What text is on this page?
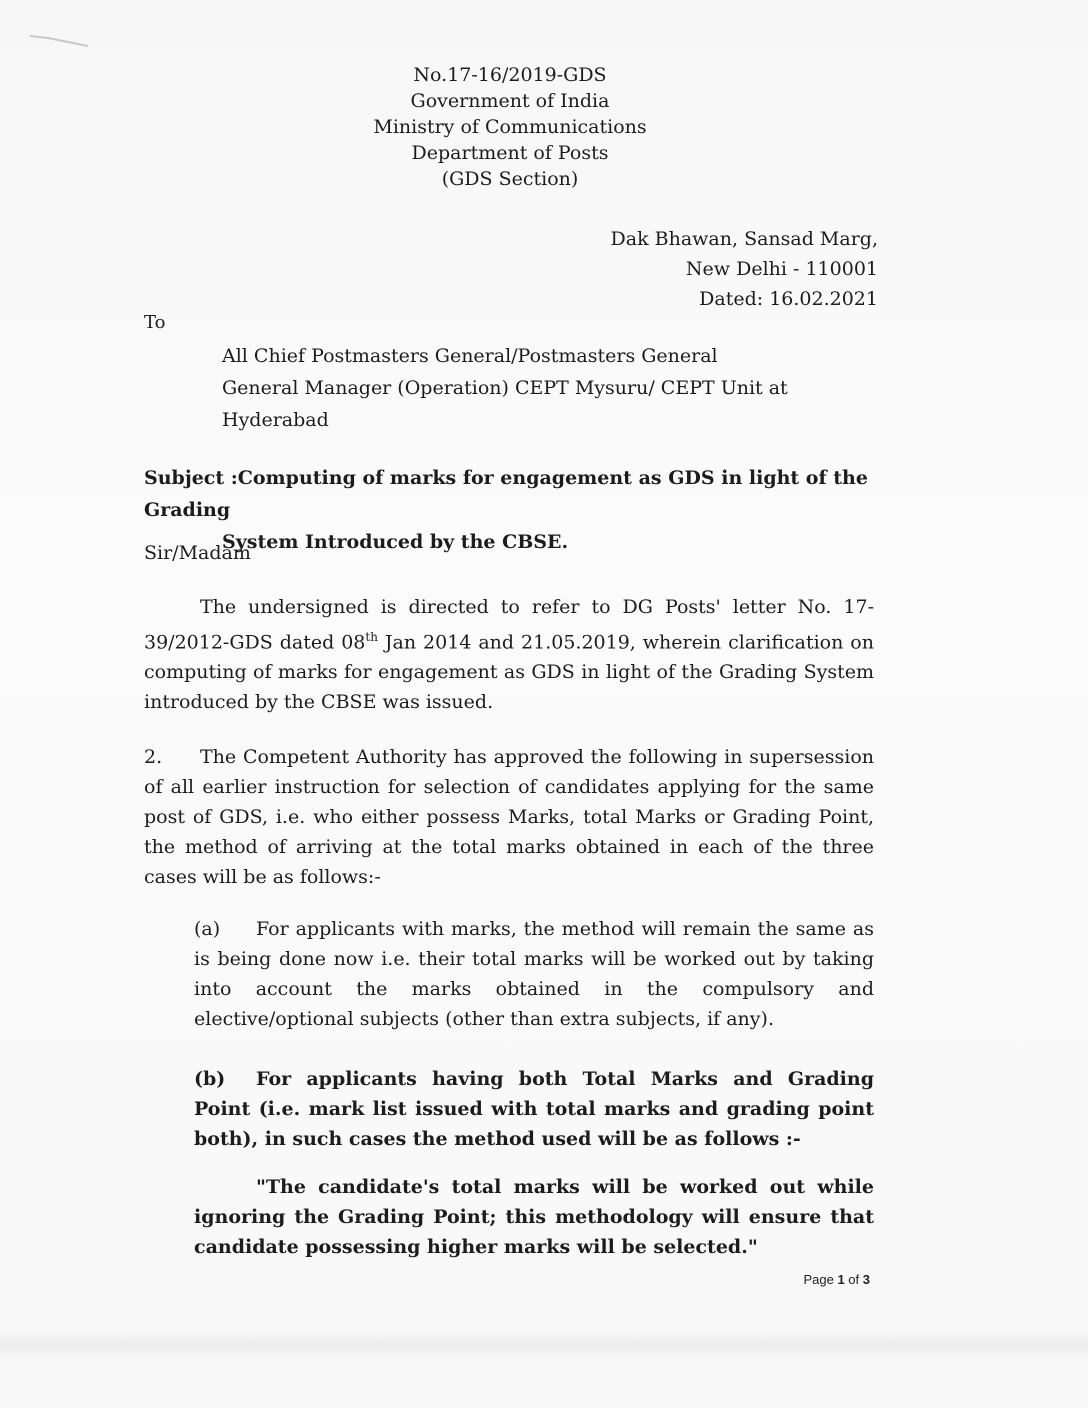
No.17-16/2019-GDS
Government of India
Ministry of Communications
Department of Posts
(GDS Section)
Dak Bhawan, Sansad Marg,
New Delhi - 110001
Dated: 16.02.2021
To
All Chief Postmasters General/Postmasters General
General Manager (Operation) CEPT Mysuru/ CEPT Unit at
Hyderabad
Subject :Computing of marks for engagement as GDS in light of the Grading
System Introduced by the CBSE.
Sir/Madam
The undersigned is directed to refer to DG Posts' letter No. 17-39/2012-GDS dated 08th Jan 2014 and 21.05.2019, wherein clarification on computing of marks for engagement as GDS in light of the Grading System introduced by the CBSE was issued.
2. The Competent Authority has approved the following in supersession of all earlier instruction for selection of candidates applying for the same post of GDS, i.e. who either possess Marks, total Marks or Grading Point, the method of arriving at the total marks obtained in each of the three cases will be as follows:-
(a) For applicants with marks, the method will remain the same as is being done now i.e. their total marks will be worked out by taking into account the marks obtained in the compulsory and elective/optional subjects (other than extra subjects, if any).
(b) For applicants having both Total Marks and Grading Point (i.e. mark list issued with total marks and grading point both), in such cases the method used will be as follows :-
"The candidate's total marks will be worked out while ignoring the Grading Point; this methodology will ensure that candidate possessing higher marks will be selected."
Page 1 of 3
